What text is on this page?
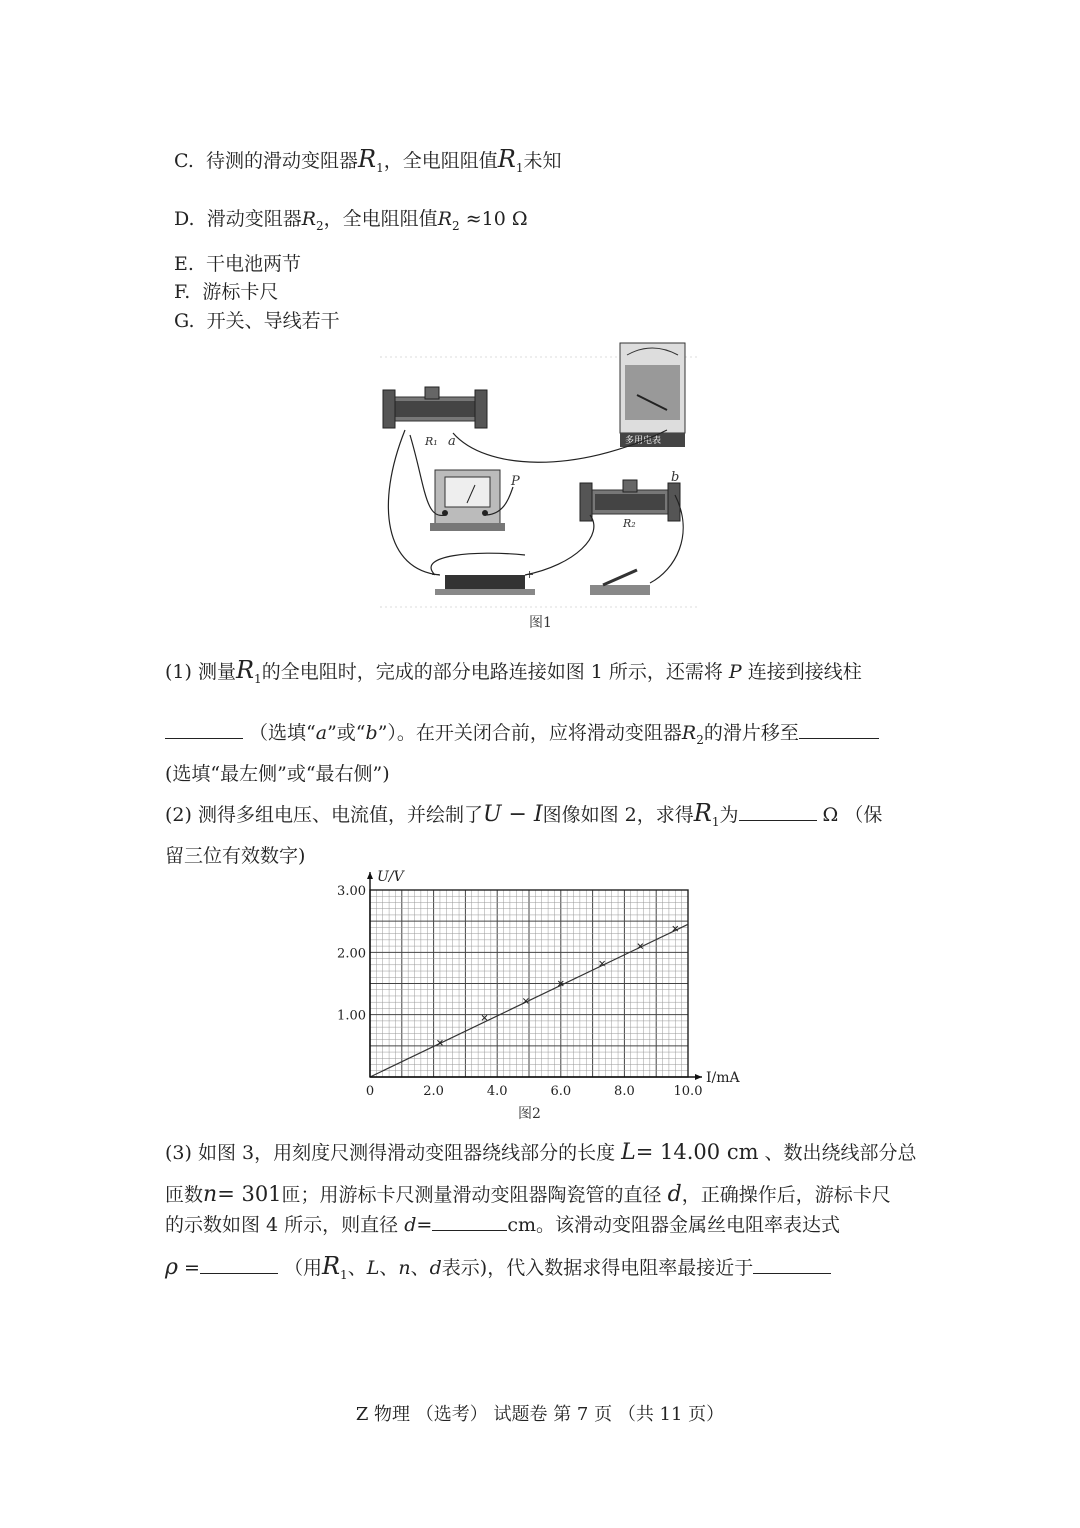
C. 待测的滑动变阻器$R_1$，全电阻阻值$R_1$未知
D. 滑动变阻器$R_2$，全电阻阻值$R_2 \approx 10$ Ω
E. 干电池两节
F. 游标卡尺
G. 开关、导线若干
R₁ a	多用电表
P
R₂
b
−	+
图1
(1) 测量$R_1$的全电阻时，完成的部分电路连接如图 1 所示，还需将 P 连接到接线柱
（选填“a”或“b”）。在开关闭合前，应将滑动变阻器$R_2$的滑片移至
(选填“最左侧”或“最右侧”)
(2) 测得多组电压、电流值，并绘制了U − I图像如图 2，求得$R_1$为	Ω （保
留三位有效数字)
0	2.0	4.0	6.0	8.0	10.0
1.00
2.00
3.00
U/V
I/mA
图2
(3) 如图 3，用刻度尺测得滑动变阻器绕线部分的长度 L= 14.00 cm 、数出绕线部分总
匝数n= 301匝；用游标卡尺测量滑动变阻器陶瓷管的直径 d，正确操作后，游标卡尺
的示数如图 4 所示，则直径 d=	cm。该滑动变阻器金属丝电阻率表达式
ρ =	（用$R_1$、L、n、d表示)，代入数据求得电阻率最接近于
Z 物理 （选考） 试题卷 第 7 页 （共 11 页）
